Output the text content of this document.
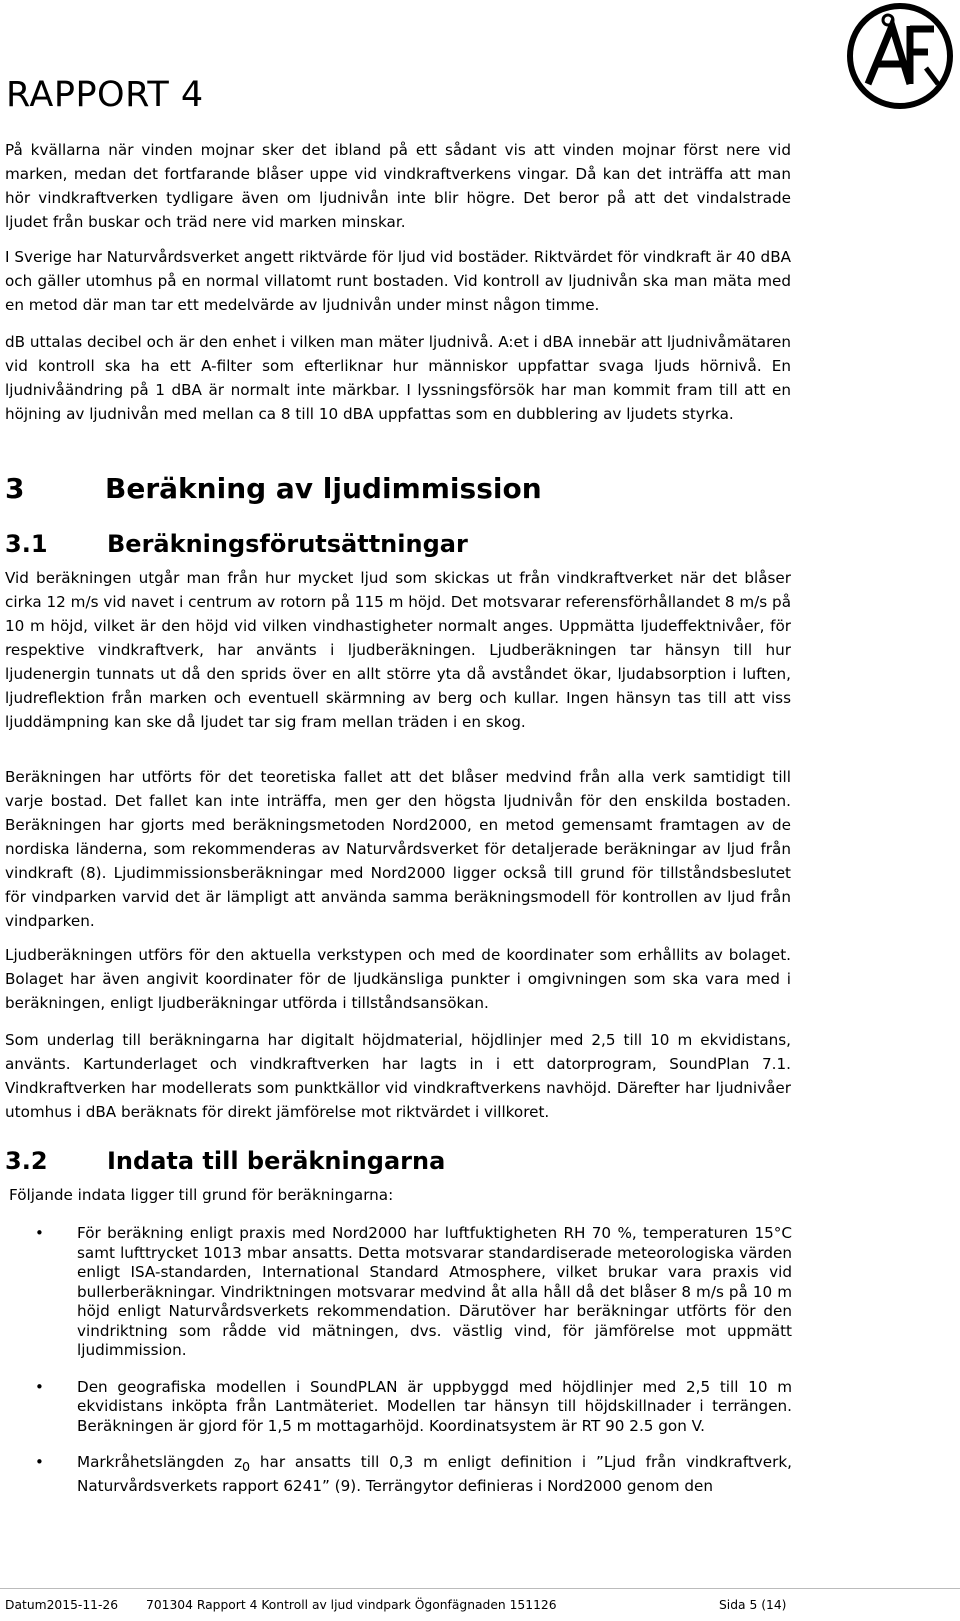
RAPPORT 4

På kvällarna när vinden mojnar sker det ibland på ett sådant vis att vinden mojnar först nere vid marken, medan det fortfarande blåser uppe vid vindkraftverkens vingar. Då kan det inträffa att man hör vindkraftverken tydligare även om ljudnivån inte blir högre. Det beror på att det vindalstrade ljudet från buskar och träd nere vid marken minskar.

I Sverige har Naturvårdsverket angett riktvärde för ljud vid bostäder. Riktvärdet för vindkraft är 40 dBA och gäller utomhus på en normal villatomt runt bostaden. Vid kontroll av ljudnivån ska man mäta med en metod där man tar ett medelvärde av ljudnivån under minst någon timme.

dB uttalas decibel och är den enhet i vilken man mäter ljudnivå. A:et i dBA innebär att ljudnivåmätaren vid kontroll ska ha ett A-filter som efterliknar hur människor uppfattar svaga ljuds hörnivå. En ljudnivåändring på 1 dBA är normalt inte märkbar. I lyssningsförsök har man kommit fram till att en höjning av ljudnivån med mellan ca 8 till 10 dBA uppfattas som en dubblering av ljudets styrka.

3	Beräkning av ljudimmission
3.1 Beräkningsförutsättningar

Vid beräkningen utgår man från hur mycket ljud som skickas ut från vindkraftverket när det blåser cirka 12 m/s vid navet i centrum av rotorn på 115 m höjd. Det motsvarar referensförhållandet 8 m/s på 10 m höjd, vilket är den höjd vid vilken vindhastigheter normalt anges. Uppmätta ljudeffektnivåer, för respektive vindkraftverk, har använts i ljudberäkningen. Ljudberäkningen tar hänsyn till hur ljudenergin tunnats ut då den sprids över en allt större yta då avståndet ökar, ljudabsorption i luften, ljudreflektion från marken och eventuell skärmning av berg och kullar. Ingen hänsyn tas till att viss ljuddämpning kan ske då ljudet tar sig fram mellan träden i en skog.

Beräkningen har utförts för det teoretiska fallet att det blåser medvind från alla verk samtidigt till varje bostad. Det fallet kan inte inträffa, men ger den högsta ljudnivån för den enskilda bostaden. Beräkningen har gjorts med beräkningsmetoden Nord2000, en metod gemensamt framtagen av de nordiska länderna, som rekommenderas av Naturvårdsverket för detaljerade beräkningar av ljud från vindkraft (8). Ljudimmissionsberäkningar med Nord2000 ligger också till grund för tillståndsbeslutet för vindparken varvid det är lämpligt att använda samma beräkningsmodell för kontrollen av ljud från vindparken.

Ljudberäkningen utförs för den aktuella verkstypen och med de koordinater som erhållits av bolaget. Bolaget har även angivit koordinater för de ljudkänsliga punkter i omgivningen som ska vara med i beräkningen, enligt ljudberäkningar utförda i tillståndsansökan.

Som underlag till beräkningarna har digitalt höjdmaterial, höjdlinjer med 2,5 till 10 m ekvidistans, använts. Kartunderlaget och vindkraftverken har lagts in i ett datorprogram, SoundPlan 7.1. Vindkraftverken har modellerats som punktkällor vid vindkraftverkens navhöjd. Därefter har ljudnivåer utomhus i dBA beräknats för direkt jämförelse mot riktvärdet i villkoret.

3.2 Indata till beräkningarna

Följande indata ligger till grund för beräkningarna:

• För beräkning enligt praxis med Nord2000 har luftfuktigheten RH 70 %, temperaturen 15°C samt lufttrycket 1013 mbar ansatts. Detta motsvarar standardiserade meteorologiska värden enligt ISA-standarden, International Standard Atmosphere, vilket brukar vara praxis vid bullerberäkningar. Vindriktningen motsvarar medvind åt alla håll då det blåser 8 m/s på 10 m höjd enligt Naturvårdsverkets rekommendation. Därutöver har beräkningar utförts för den vindriktning som rådde vid mätningen, dvs. västlig vind, för jämförelse mot uppmätt ljudimmission.
• Den geografiska modellen i SoundPLAN är uppbyggd med höjdlinjer med 2,5 till 10 m ekvidistans inköpta från Lantmäteriet. Modellen tar hänsyn till höjdskillnader i terrängen. Beräkningen är gjord för 1,5 m mottagarhöjd. Koordinatsystem är RT 90 2.5 gon V.
• Markråhetslängden $z_0$ har ansatts till 0,3 m enligt definition i ”Ljud från vindkraftverk, Naturvårdsverkets rapport 6241” (9). Terrängytor definieras i Nord2000 genom den
Datum2015-11-26 701304 Rapport 4 Kontroll av ljud vindpark Ögonfägnaden 151126	Sida 5 (14)
